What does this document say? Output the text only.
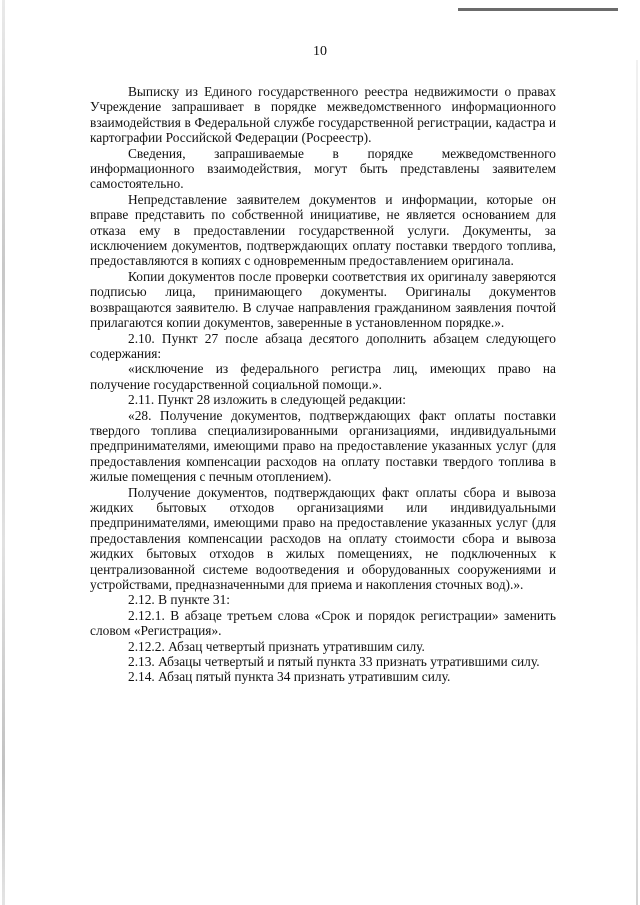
10

Выписку из Единого государственного реестра недвижимости о правах Учреждение запрашивает в порядке межведомственного информационного взаимодействия в Федеральной службе государственной регистрации, кадастра и картографии Российской Федерации (Росреестр).

Сведения, запрашиваемые в порядке межведомственного информационного взаимодействия, могут быть представлены заявителем самостоятельно.

Непредставление заявителем документов и информации, которые он вправе представить по собственной инициативе, не является основанием для отказа ему в предоставлении государственной услуги. Документы, за исключением документов, подтверждающих оплату поставки твердого топлива, предоставляются в копиях с одновременным предоставлением оригинала.

Копии документов после проверки соответствия их оригиналу заверяются подписью лица, принимающего документы. Оригиналы документов возвращаются заявителю. В случае направления гражданином заявления почтой прилагаются копии документов, заверенные в установленном порядке.».

2.10. Пункт 27 после абзаца десятого дополнить абзацем следующего содержания:

«исключение из федерального регистра лиц, имеющих право на получение государственной социальной помощи.».

2.11. Пункт 28 изложить в следующей редакции:

«28. Получение документов, подтверждающих факт оплаты поставки твердого топлива специализированными организациями, индивидуальными предпринимателями, имеющими право на предоставление указанных услуг (для предоставления компенсации расходов на оплату поставки твердого топлива в жилые помещения с печным отоплением).

Получение документов, подтверждающих факт оплаты сбора и вывоза жидких бытовых отходов организациями или индивидуальными предпринимателями, имеющими право на предоставление указанных услуг (для предоставления компенсации расходов на оплату стоимости сбора и вывоза жидких бытовых отходов в жилых помещениях, не подключенных к централизованной системе водоотведения и оборудованных сооружениями и устройствами, предназначенными для приема и накопления сточных вод).».

2.12. В пункте 31:

2.12.1. В абзаце третьем слова «Срок и порядок регистрации» заменить словом «Регистрация».

2.12.2. Абзац четвертый признать утратившим силу.

2.13. Абзацы четвертый и пятый пункта 33 признать утратившими силу.

2.14. Абзац пятый пункта 34 признать утратившим силу.
